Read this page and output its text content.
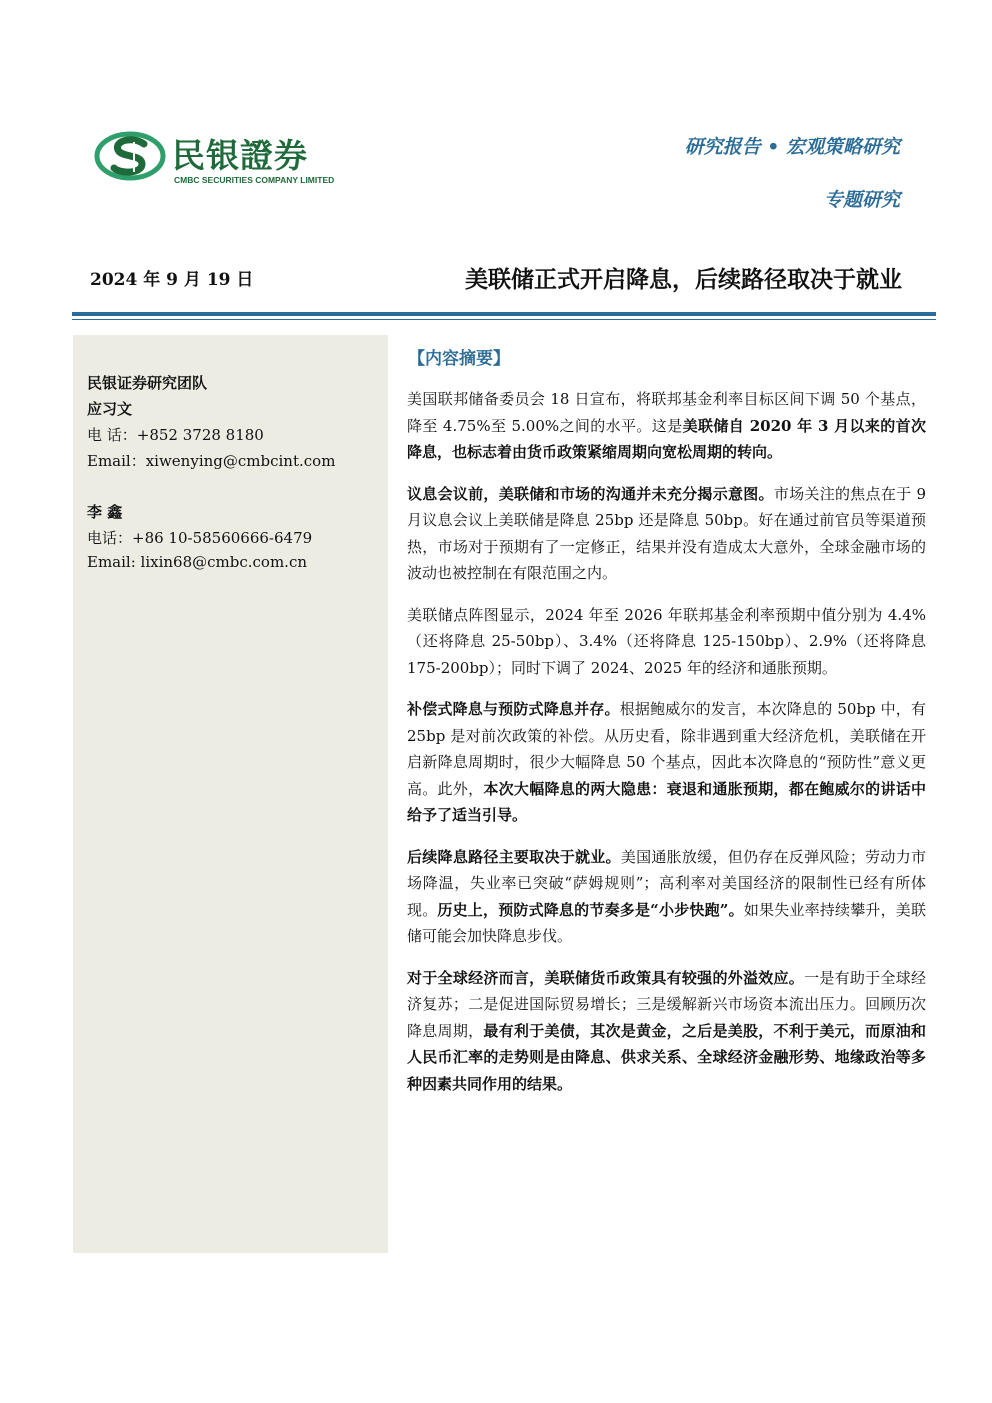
民银證券
CMBC SECURITIES COMPANY LIMITED
研究报告 • 宏观策略研究
专题研究
2024 年 9 月 19 日	美联储正式开启降息，后续路径取决于就业
民银证券研究团队
应习文
电 话：+852 3728 8180
Email：xiwenying@cmbcint.com
李 鑫
电话：+86 10-58560666-6479
Email: lixin68@cmbc.com.cn
【内容摘要】

美国联邦储备委员会 18 日宣布，将联邦基金利率目标区间下调 50 个基点，降至 4.75%至 5.00%之间的水平。这是美联储自 2020 年 3 月以来的首次降息，也标志着由货币政策紧缩周期向宽松周期的转向。

议息会议前，美联储和市场的沟通并未充分揭示意图。市场关注的焦点在于 9 月议息会议上美联储是降息 25bp 还是降息 50bp。好在通过前官员等渠道预热，市场对于预期有了一定修正，结果并没有造成太大意外，全球金融市场的波动也被控制在有限范围之内。

美联储点阵图显示，2024 年至 2026 年联邦基金利率预期中值分别为 4.4%（还将降息 25-50bp）、3.4%（还将降息 125-150bp）、2.9%（还将降息 175-200bp）；同时下调了 2024、2025 年的经济和通胀预期。

补偿式降息与预防式降息并存。根据鲍威尔的发言，本次降息的 50bp 中，有 25bp 是对前次政策的补偿。从历史看，除非遇到重大经济危机，美联储在开启新降息周期时，很少大幅降息 50 个基点，因此本次降息的“预防性”意义更高。此外，本次大幅降息的两大隐患：衰退和通胀预期，都在鲍威尔的讲话中给予了适当引导。

后续降息路径主要取决于就业。美国通胀放缓，但仍存在反弹风险；劳动力市场降温，失业率已突破“萨姆规则”；高利率对美国经济的限制性已经有所体现。历史上，预防式降息的节奏多是“小步快跑”。如果失业率持续攀升，美联储可能会加快降息步伐。

对于全球经济而言，美联储货币政策具有较强的外溢效应。一是有助于全球经济复苏；二是促进国际贸易增长；三是缓解新兴市场资本流出压力。回顾历次降息周期，最有利于美债，其次是黄金，之后是美股，不利于美元，而原油和人民币汇率的走势则是由降息、供求关系、全球经济金融形势、地缘政治等多种因素共同作用的结果。
